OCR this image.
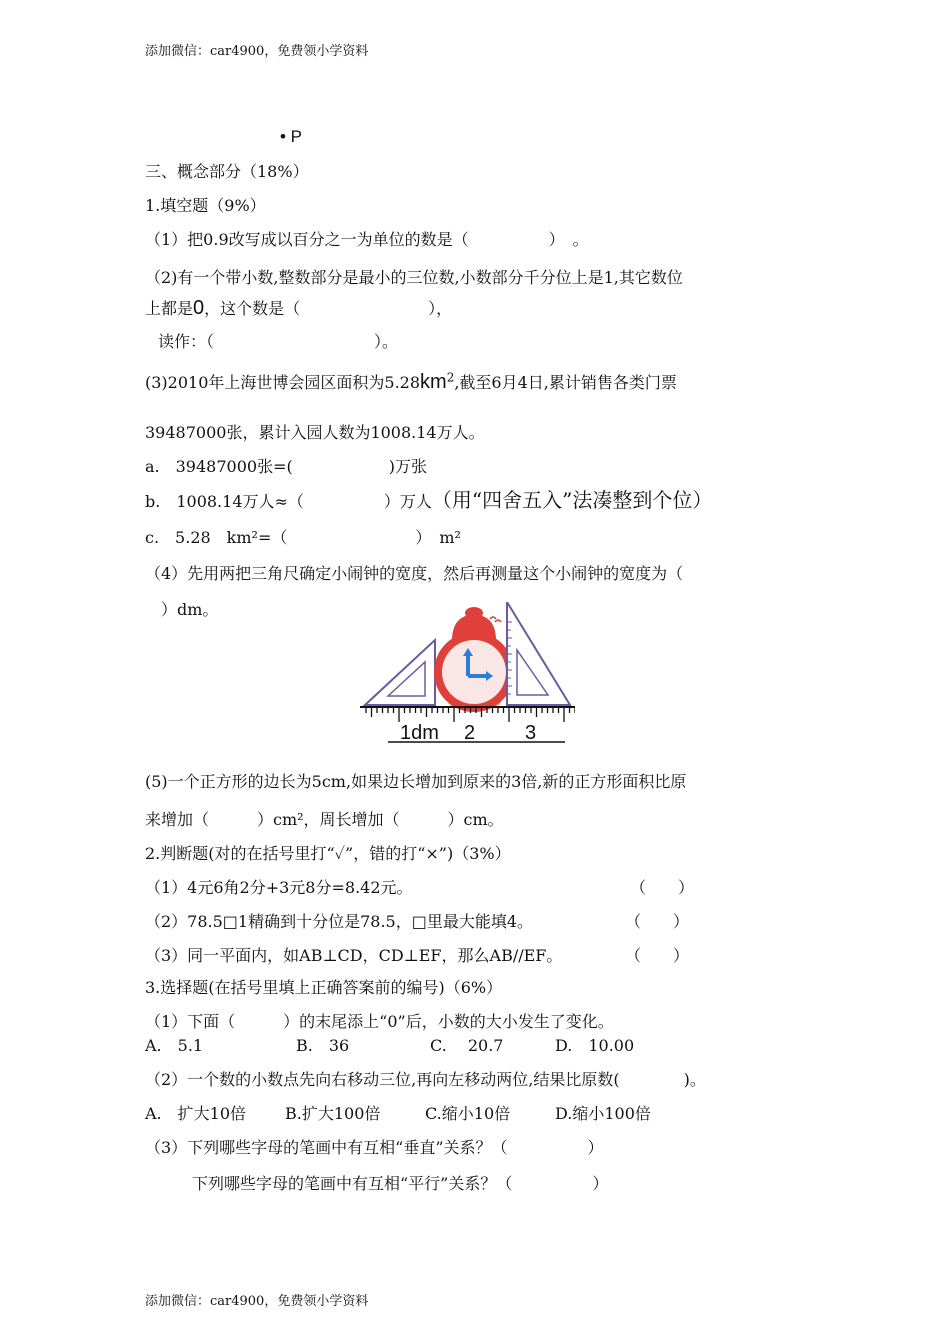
添加微信：car4900，免费领小学资料
• P
三、概念部分（18%）
1.填空题（9%）
（1）把0.9改写成以百分之一为单位的数是（　　　　　）　。
（2)有一个带小数,整数部分是最小的三位数,小数部分千分位上是1,其它数位
上都是0，这个数是（　　　　　　　　），
读作：（　　　　　　　　　　）。
(3)2010年上海世博会园区面积为$5.28km^2$,截至6月4日,累计销售各类门票
39487000张，累计入园人数为1008.14万人。
a.　39487000张=(　　　　　　)万张
b.　1008.14万人≈（　　　　　）万人（用“四舍五入”法凑整到个位）
c.　5.28　km²=（　　　　　　　　）　m²
（4）先用两把三角尺确定小闹钟的宽度，然后再测量这个小闹钟的宽度为（
　）dm。
1dm 2 3
(5)一个正方形的边长为5cm,如果边长增加到原来的3倍,新的正方形面积比原
来增加（　　　）cm²，周长增加（　　　）cm。
2.判断题(对的在括号里打“✓”，错的打“×”)（3%）
（1）4元6角2分+3元8分=8.42元。	（　　）
（2）78.5□1精确到十分位是78.5，□里最大能填4。	（　　）
（3）同一平面内，如AB⊥CD，CD⊥EF，那么AB//EF。	（　　）
3.选择题(在括号里填上正确答案前的编号)（6%）
（1）下面（　　　）的末尾添上“0”后，小数的大小发生了变化。
A.　5.1	B.　36	C.　 20.7	D.　10.00
（2）一个数的小数点先向右移动三位,再向左移动两位,结果比原数(　　　　)。
A.　扩大10倍 B.扩大100倍	C.缩小10倍	D.缩小100倍
（3）下列哪些字母的笔画中有互相“垂直”关系？（　　　　　）
下列哪些字母的笔画中有互相“平行”关系？（　　　　　）
添加微信：car4900，免费领小学资料
